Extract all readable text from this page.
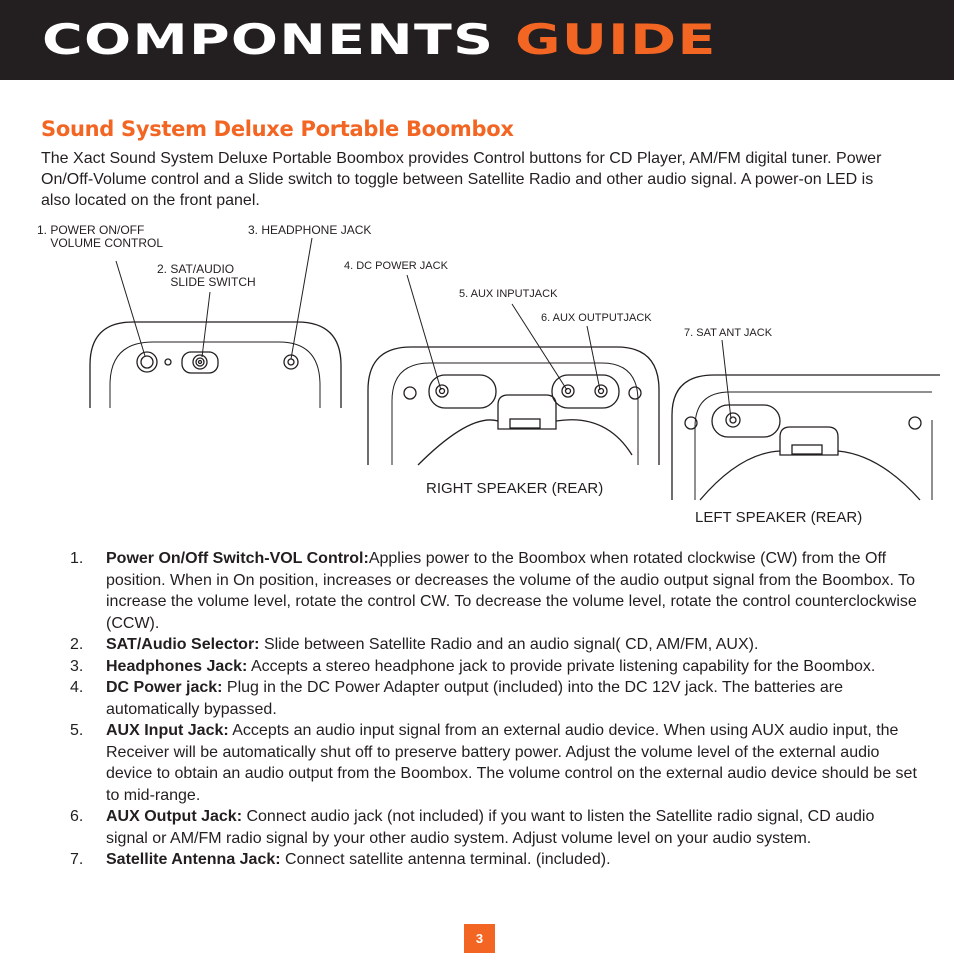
COMPONENTS GUIDE
Sound System Deluxe Portable Boombox

The Xact Sound System Deluxe Portable Boombox provides Control buttons for CD Player, AM/FM digital tuner. Power On/Off-Volume control and a Slide switch to toggle between Satellite Radio and other audio signal. A power-on LED is also located on the front panel.

1. POWER ON/OFF
VOLUME CONTROL
2. SAT/AUDIO
SLIDE SWITCH
3. HEADPHONE JACK
4. DC POWER JACK
5. AUX INPUTJACK
6. AUX OUTPUTJACK
7. SAT ANT JACK
RIGHT SPEAKER (REAR)
LEFT SPEAKER (REAR)
1.	Power On/Off Switch-VOL Control:Applies power to the Boombox when rotated clockwise (CW) from the Off position. When in On position, increases or decreases the volume of the audio output signal from the Boombox. To increase the volume level, rotate the control CW. To decrease the volume level, rotate the control counterclockwise (CCW).
2.	SAT/Audio Selector: Slide between Satellite Radio and an audio signal( CD, AM/FM, AUX).
3.	Headphones Jack: Accepts a stereo headphone jack to provide private listening capability for the Boombox.
4.	DC Power jack: Plug in the DC Power Adapter output (included) into the DC 12V jack. The batteries are automatically bypassed.
5.	AUX Input Jack: Accepts an audio input signal from an external audio device. When using AUX audio input, the Receiver will be automatically shut off to preserve battery power. Adjust the volume level of the external audio device to obtain an audio output from the Boombox. The volume control on the external audio device should be set to mid-range.
6.	AUX Output Jack: Connect audio jack (not included) if you want to listen the Satellite radio signal, CD audio signal or AM/FM radio signal by your other audio system. Adjust volume level on your audio system.
7.	Satellite Antenna Jack: Connect satellite antenna terminal. (included).
3
